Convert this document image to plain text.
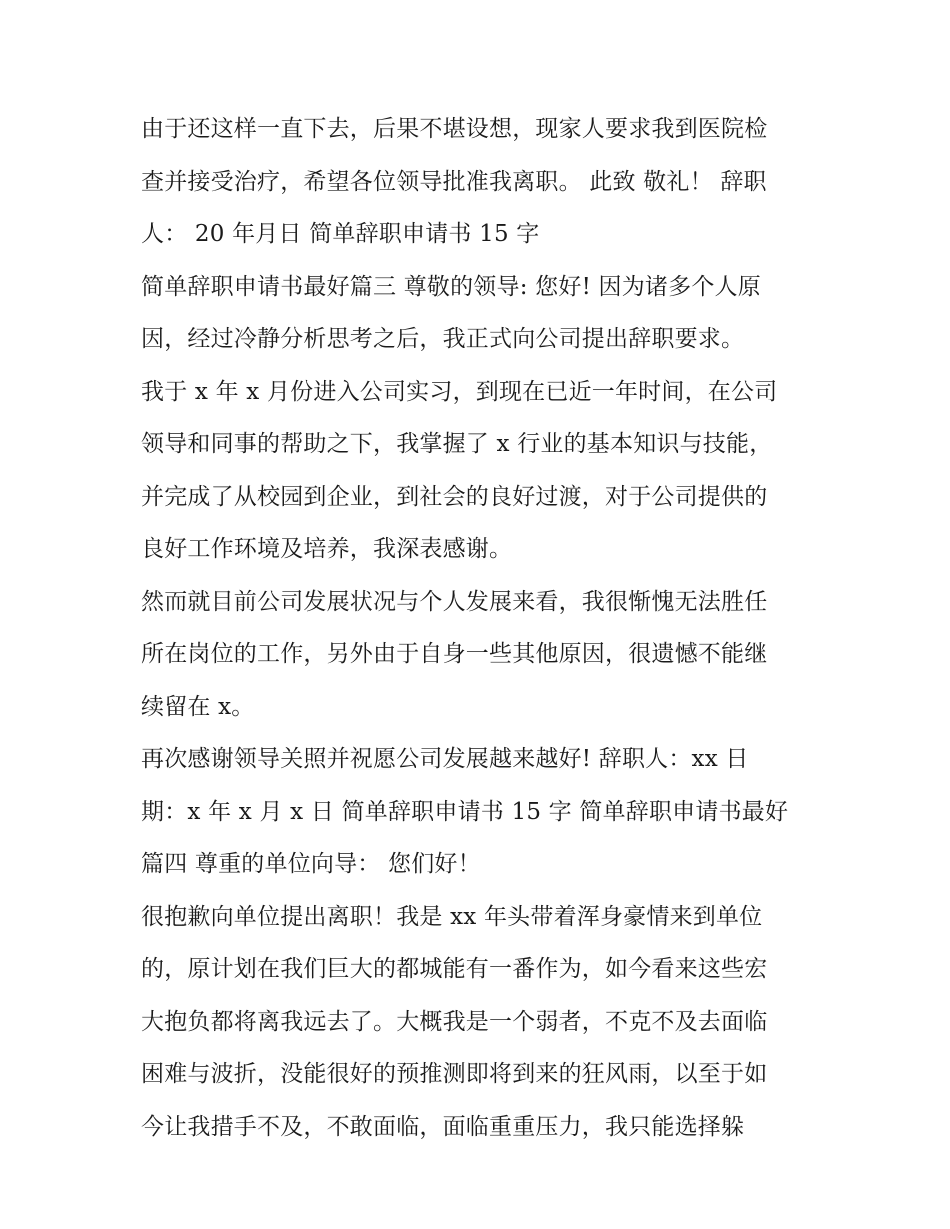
由于还这样一直下去，后果不堪设想，现家人要求我到医院检
查并接受治疗，希望各位领导批准我离职。 此致 敬礼！ 辞职
人： 20 年月日 简单辞职申请书 15 字
简单辞职申请书最好篇三 尊敬的领导: 您好! 因为诸多个人原
因，经过冷静分析思考之后，我正式向公司提出辞职要求。
我于 x 年 x 月份进入公司实习，到现在已近一年时间，在公司
领导和同事的帮助之下，我掌握了 x 行业的基本知识与技能，
并完成了从校园到企业，到社会的良好过渡，对于公司提供的
良好工作环境及培养，我深表感谢。
然而就目前公司发展状况与个人发展来看，我很惭愧无法胜任
所在岗位的工作，另外由于自身一些其他原因，很遗憾不能继
续留在 x。
再次感谢领导关照并祝愿公司发展越来越好! 辞职人：xx 日
期：x 年 x 月 x 日 简单辞职申请书 15 字 简单辞职申请书最好
篇四 尊重的单位向导： 您们好！
很抱歉向单位提出离职！我是 xx 年头带着浑身豪情来到单位
的，原计划在我们巨大的都城能有一番作为，如今看来这些宏
大抱负都将离我远去了。大概我是一个弱者，不克不及去面临
困难与波折，没能很好的预推测即将到来的狂风雨，以至于如
今让我措手不及，不敢面临，面临重重压力，我只能选择躲
